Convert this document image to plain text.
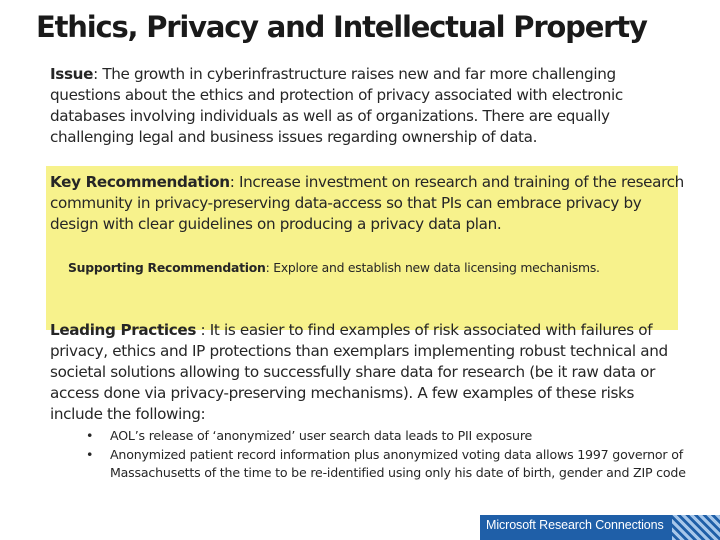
Ethics, Privacy and Intellectual Property
Issue: The growth in cyberinfrastructure raises new and far more challenging questions about the ethics and protection of privacy associated with electronic databases involving individuals as well as of organizations. There are equally challenging legal and business issues regarding ownership of data.
Key Recommendation: Increase investment on research and training of the research community in privacy-preserving data-access so that PIs can embrace privacy by design with clear guidelines on producing a privacy data plan.
Supporting Recommendation: Explore and establish new data licensing mechanisms.
Leading Practices : It is easier to find examples of risk associated with failures of privacy, ethics and IP protections than exemplars implementing robust technical and societal solutions allowing to successfully share data for research (be it raw data or access done via privacy-preserving mechanisms). A few examples of these risks include the following:
• AOL’s release of ‘anonymized’ user search data leads to PII exposure
• Anonymized patient record information plus anonymized voting data allows 1997 governor of Massachusetts of the time to be re-identified using only his date of birth, gender and ZIP code
Microsoft Research Connections
